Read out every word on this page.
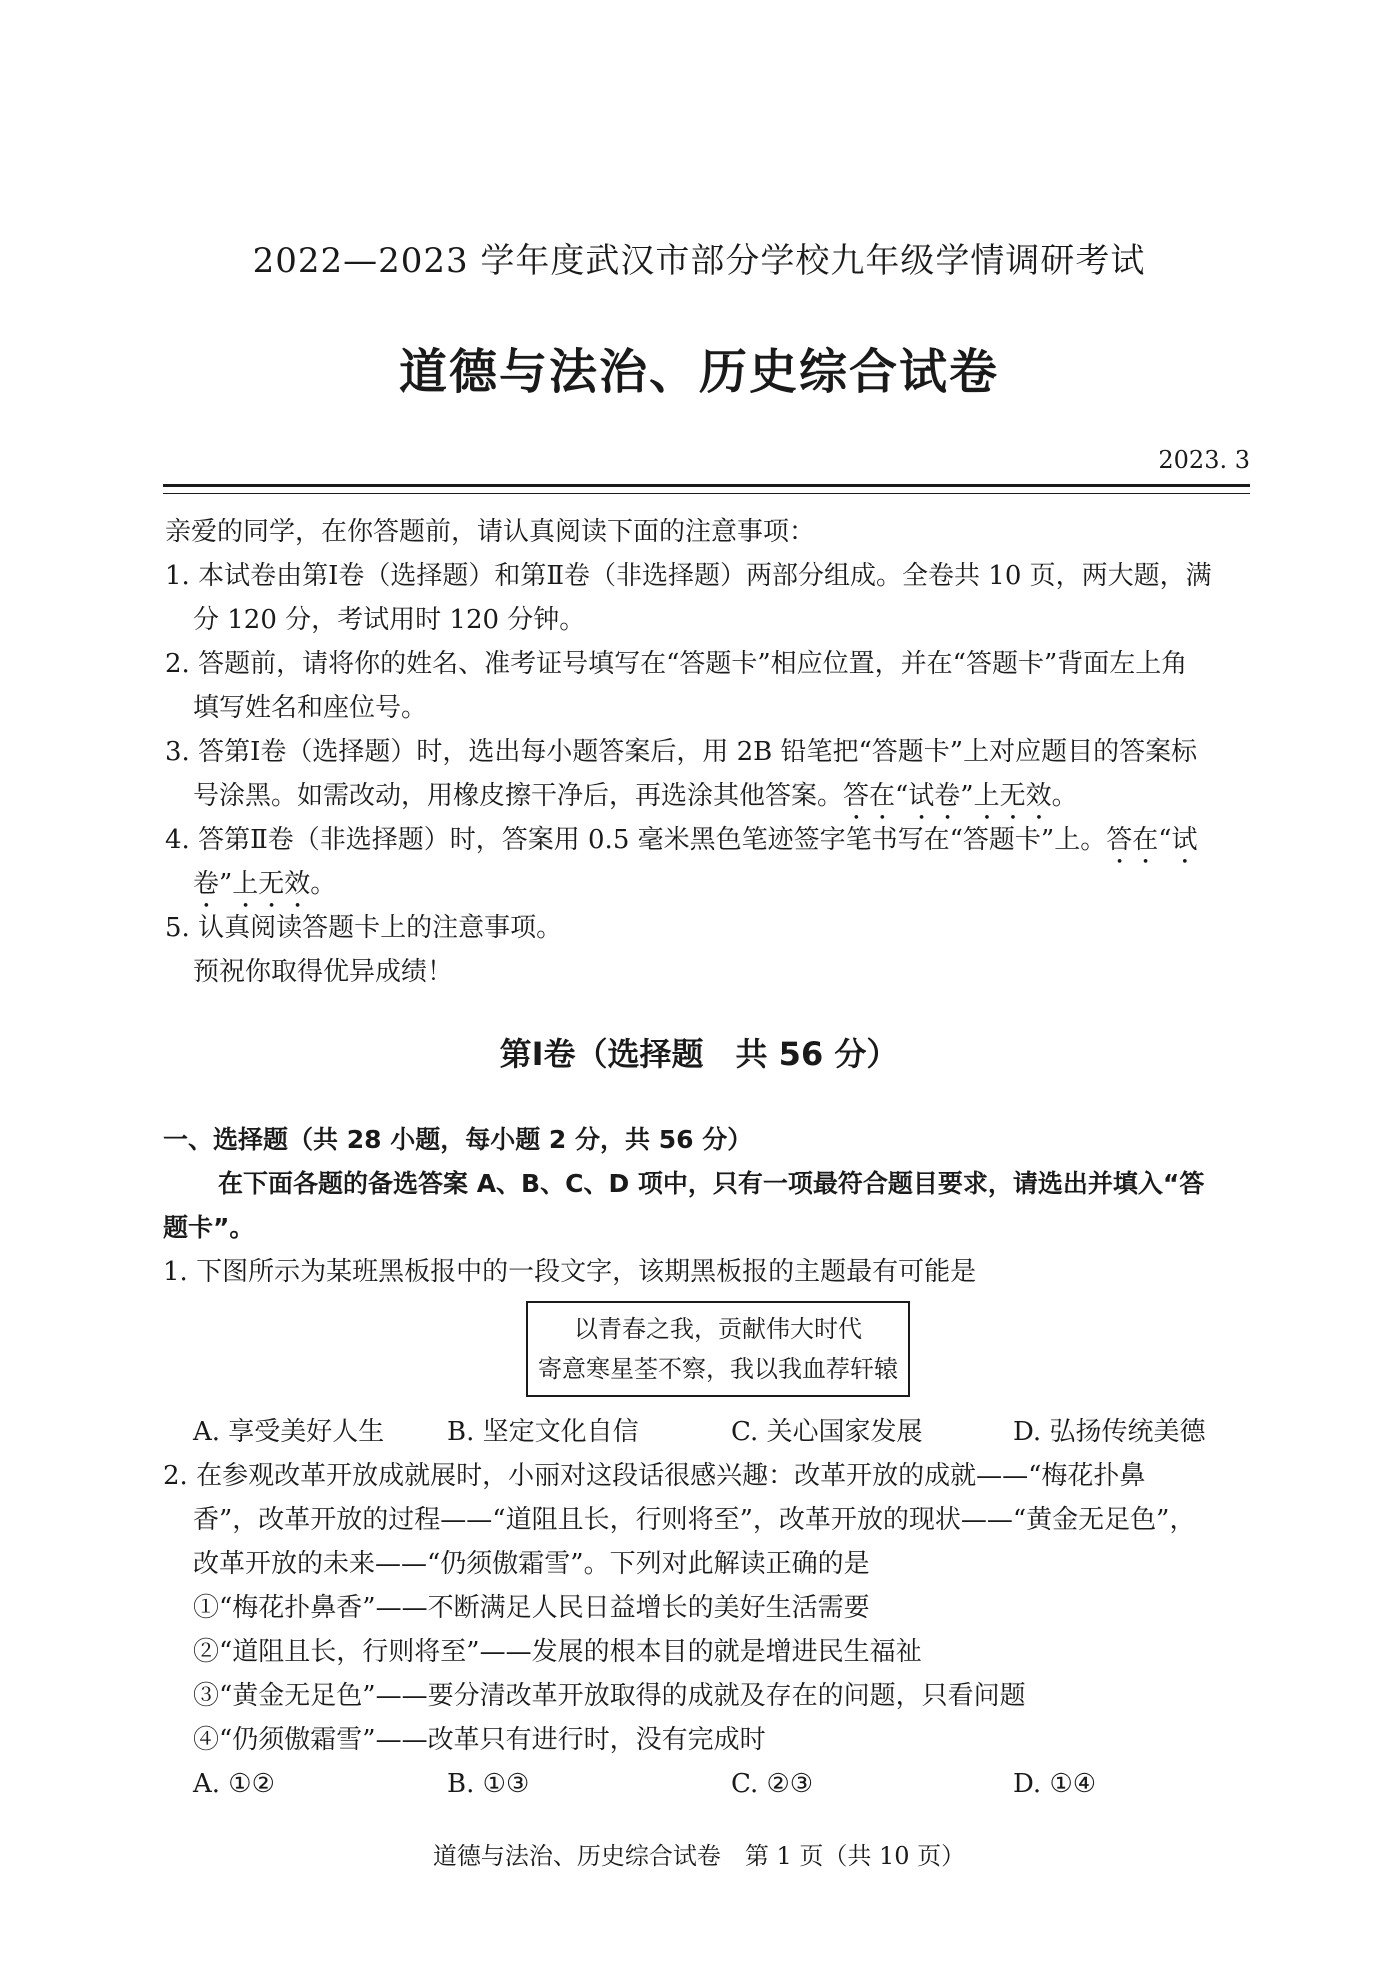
2022—2023 学年度武汉市部分学校九年级学情调研考试
道德与法治、历史综合试卷
2023. 3
亲爱的同学，在你答题前，请认真阅读下面的注意事项：
1. 本试卷由第Ⅰ卷（选择题）和第Ⅱ卷（非选择题）两部分组成。全卷共 10 页，两大题，满
分 120 分，考试用时 120 分钟。
2. 答题前，请将你的姓名、准考证号填写在“答题卡”相应位置，并在“答题卡”背面左上角
填写姓名和座位号。
3. 答第Ⅰ卷（选择题）时，选出每小题答案后，用 2B 铅笔把“答题卡”上对应题目的答案标
号涂黑。如需改动，用橡皮擦干净后，再选涂其他答案。答在“试卷”上无效。
4. 答第Ⅱ卷（非选择题）时，答案用 0.5 毫米黑色笔迹签字笔书写在“答题卡”上。答在“试
卷”上无效。
5. 认真阅读答题卡上的注意事项。
预祝你取得优异成绩！
第Ⅰ卷（选择题　共 56 分）
一、选择题（共 28 小题，每小题 2 分，共 56 分）
在下面各题的备选答案 A、B、C、D 项中，只有一项最符合题目要求，请选出并填入“答
题卡”。
1. 下图所示为某班黑板报中的一段文字，该期黑板报的主题最有可能是
以青春之我，贡献伟大时代
寄意寒星荃不察，我以我血荐轩辕
A. 享受美好人生 B. 坚定文化自信	C. 关心国家发展	D. 弘扬传统美德
2. 在参观改革开放成就展时，小丽对这段话很感兴趣：改革开放的成就——“梅花扑鼻
香”，改革开放的过程——“道阻且长，行则将至”，改革开放的现状——“黄金无足色”，
改革开放的未来——“仍须傲霜雪”。下列对此解读正确的是
①“梅花扑鼻香”——不断满足人民日益增长的美好生活需要
②“道阻且长，行则将至”——发展的根本目的就是增进民生福祉
③“黄金无足色”——要分清改革开放取得的成就及存在的问题，只看问题
④“仍须傲霜雪”——改革只有进行时，没有完成时
A. ①②	B. ①③	C. ②③	D. ①④
道德与法治、历史综合试卷　第 1 页（共 10 页）
